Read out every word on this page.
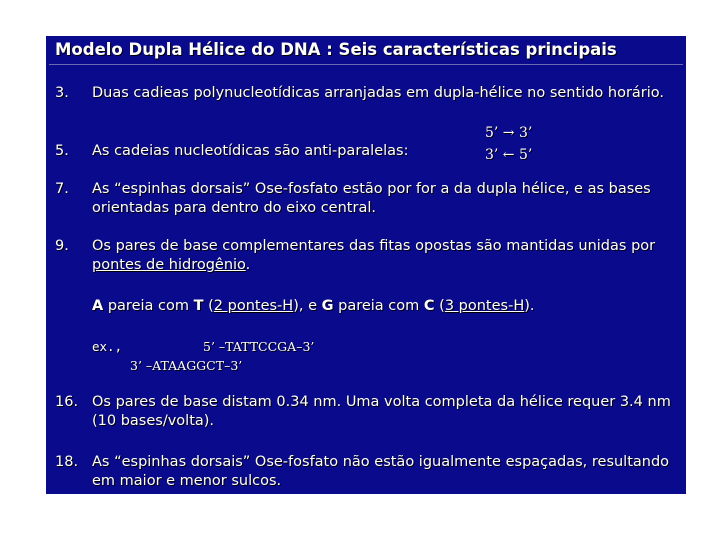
Modelo Dupla Hélice do DNA : Seis características principais
3.	Duas cadieas polynucleotídicas arranjadas em dupla-hélice no sentido horário.
5’ → 3’
3’ ← 5’
5.	As cadeias nucleotídicas são anti-paralelas:
7.	As “espinhas dorsais” Ose-fosfato estão por for a da dupla hélice, e as bases orientadas para dentro do eixo central.
9.	Os pares de base complementares das fitas opostas são mantidas unidas por pontes de hidrogênio.
A pareia com T (2 pontes-H), e G pareia com C (3 pontes-H).
ex.,	5’ –TATTCCGA–3’
3’ –ATAAGGCT–3’
16. Os pares de base distam 0.34 nm. Uma volta completa da hélice requer 3.4 nm (10 bases/volta).
18. As “espinhas dorsais” Ose-fosfato não estão igualmente espaçadas, resultando em maior e menor sulcos.
